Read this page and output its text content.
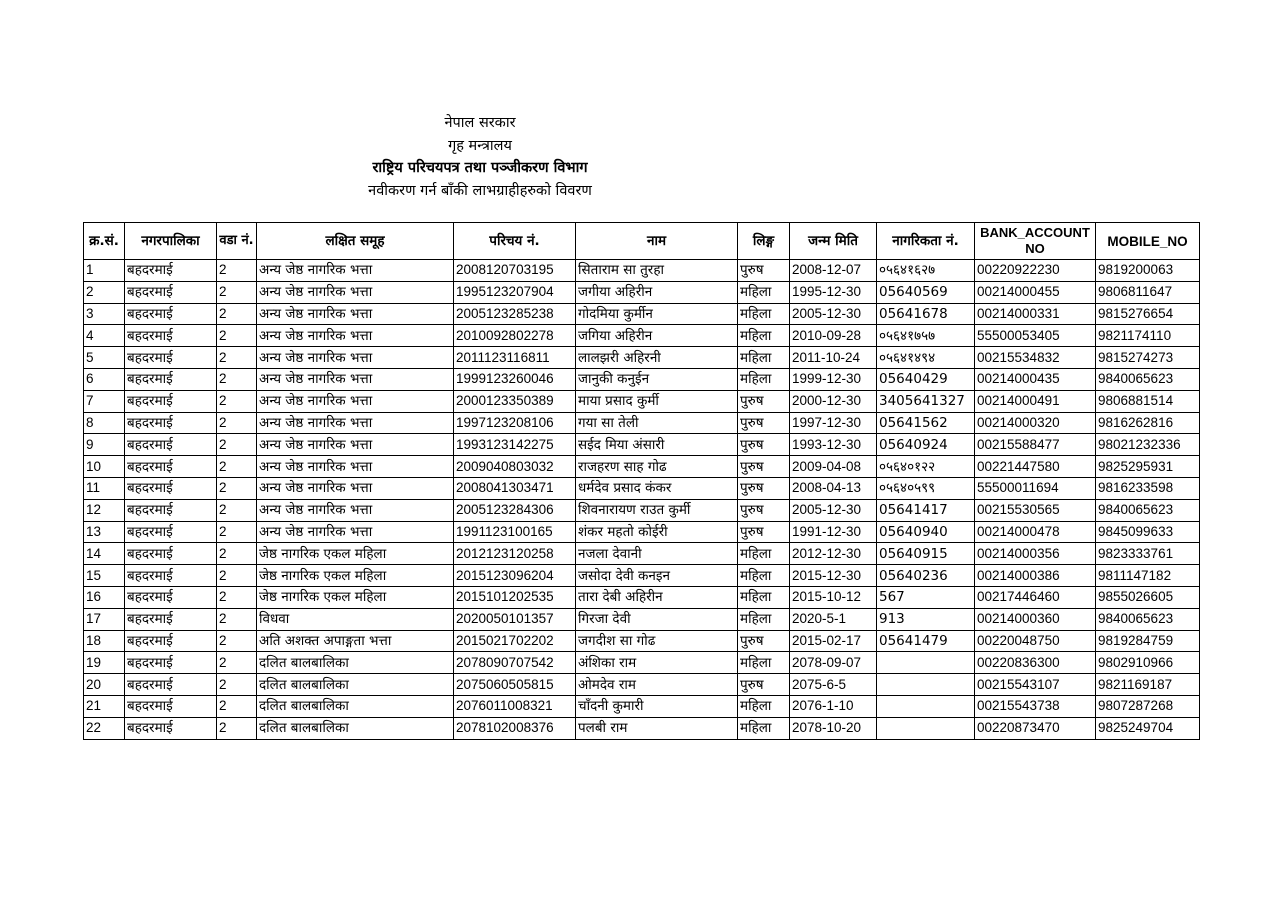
नेपाल सरकार
गृह मन्त्रालय
राष्ट्रिय परिचयपत्र तथा पञ्जीकरण विभाग
नवीकरण गर्न बाँकी लाभग्राहीहरुको विवरण
क्र.सं.	नगरपालिका	वडा नं.	लक्षित समूह	परिचय नं.	नाम	लिङ्ग	जन्म मिति	नागरिकता नं.	BANK_ACCOUNT NO	MOBILE_NO
1	बहदरमाई	2	अन्य जेष्ठ नागरिक भत्ता	2008120703195	सिताराम सा तुरहा	पुरुष	2008-12-07	०५६४१६२७	00220922230	9819200063
2	बहदरमाई	2	अन्य जेष्ठ नागरिक भत्ता	1995123207904	जगीया अहिरीन	महिला	1995-12-30	05640569	00214000455	9806811647
3	बहदरमाई	2	अन्य जेष्ठ नागरिक भत्ता	2005123285238	गोदमिया कुर्मीन	महिला	2005-12-30	05641678	00214000331	9815276654
4	बहदरमाई	2	अन्य जेष्ठ नागरिक भत्ता	2010092802278	जगिया अहिरीन	महिला	2010-09-28	०५६४१७५७	55500053405	9821174110
5	बहदरमाई	2	अन्य जेष्ठ नागरिक भत्ता	2011123116811	लालझरी अहिरनी	महिला	2011-10-24	०५६४१४९४	00215534832	9815274273
6	बहदरमाई	2	अन्य जेष्ठ नागरिक भत्ता	1999123260046	जानुकी कनुईन	महिला	1999-12-30	05640429	00214000435	9840065623
7	बहदरमाई	2	अन्य जेष्ठ नागरिक भत्ता	2000123350389	माया प्रसाद कुर्मी	पुरुष	2000-12-30	3405641327	00214000491	9806881514
8	बहदरमाई	2	अन्य जेष्ठ नागरिक भत्ता	1997123208106	गया सा तेली	पुरुष	1997-12-30	05641562	00214000320	9816262816
9	बहदरमाई	2	अन्य जेष्ठ नागरिक भत्ता	1993123142275	सईद मिया अंसारी	पुरुष	1993-12-30	05640924	00215588477	98021232336
10	बहदरमाई	2	अन्य जेष्ठ नागरिक भत्ता	2009040803032	राजहरण साह गोढ	पुरुष	2009-04-08	०५६४०१२२	00221447580	9825295931
11	बहदरमाई	2	अन्य जेष्ठ नागरिक भत्ता	2008041303471	धर्मदेव प्रसाद कंकर	पुरुष	2008-04-13	०५६४०५९९	55500011694	9816233598
12	बहदरमाई	2	अन्य जेष्ठ नागरिक भत्ता	2005123284306	शिवनारायण राउत कुर्मी	पुरुष	2005-12-30	05641417	00215530565	9840065623
13	बहदरमाई	2	अन्य जेष्ठ नागरिक भत्ता	1991123100165	शंकर महतो कोईरी	पुरुष	1991-12-30	05640940	00214000478	9845099633
14	बहदरमाई	2	जेष्ठ नागरिक एकल महिला	2012123120258	नजला देवानी	महिला	2012-12-30	05640915	00214000356	9823333761
15	बहदरमाई	2	जेष्ठ नागरिक एकल महिला	2015123096204	जसोदा देवी कनइन	महिला	2015-12-30	05640236	00214000386	9811147182
16	बहदरमाई	2	जेष्ठ नागरिक एकल महिला	2015101202535	तारा देबी अहिरीन	महिला	2015-10-12	567	00217446460	9855026605
17	बहदरमाई	2	विधवा	2020050101357	गिरजा देवी	महिला	2020-5-1	913	00214000360	9840065623
18	बहदरमाई	2	अति अशक्त अपाङ्गता भत्ता	2015021702202	जगदीश सा गोढ	पुरुष	2015-02-17	05641479	00220048750	9819284759
19	बहदरमाई	2	दलित बालबालिका	2078090707542	अंशिका राम	महिला	2078-09-07		00220836300	9802910966
20	बहदरमाई	2	दलित बालबालिका	2075060505815	ओमदेव राम	पुरुष	2075-6-5		00215543107	9821169187
21	बहदरमाई	2	दलित बालबालिका	2076011008321	चाँदनी कुमारी	महिला	2076-1-10		00215543738	9807287268
22	बहदरमाई	2	दलित बालबालिका	2078102008376	पलबी राम	महिला	2078-10-20		00220873470	9825249704
